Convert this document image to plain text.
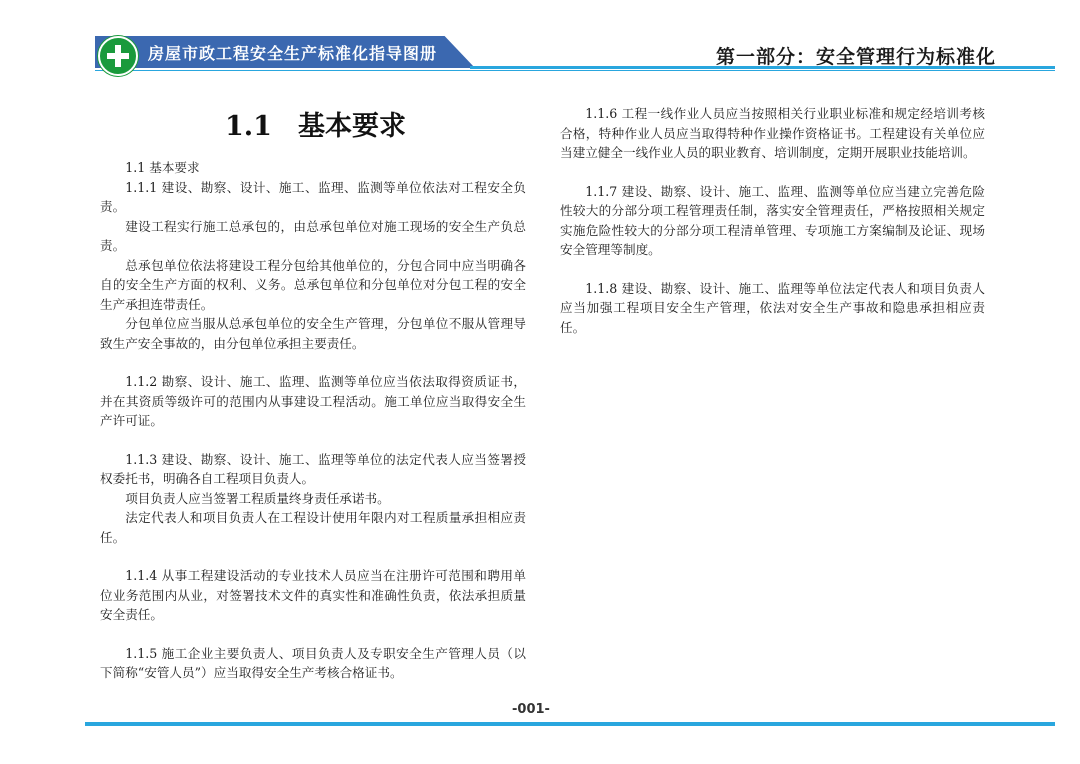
房屋市政工程安全生产标准化指导图册	第一部分：安全管理行为标准化
1.1 基本要求

1.1 基本要求

1.1.1 建设、勘察、设计、施工、监理、监测等单位依法对工程安全负责。

建设工程实行施工总承包的，由总承包单位对施工现场的安全生产负总责。

总承包单位依法将建设工程分包给其他单位的，分包合同中应当明确各自的安全生产方面的权利、义务。总承包单位和分包单位对分包工程的安全生产承担连带责任。

分包单位应当服从总承包单位的安全生产管理，分包单位不服从管理导致生产安全事故的，由分包单位承担主要责任。

1.1.2 勘察、设计、施工、监理、监测等单位应当依法取得资质证书，并在其资质等级许可的范围内从事建设工程活动。施工单位应当取得安全生产许可证。

1.1.3 建设、勘察、设计、施工、监理等单位的法定代表人应当签署授权委托书，明确各自工程项目负责人。

项目负责人应当签署工程质量终身责任承诺书。

法定代表人和项目负责人在工程设计使用年限内对工程质量承担相应责任。

1.1.4 从事工程建设活动的专业技术人员应当在注册许可范围和聘用单位业务范围内从业，对签署技术文件的真实性和准确性负责，依法承担质量安全责任。

1.1.5 施工企业主要负责人、项目负责人及专职安全生产管理人员（以下简称“安管人员”）应当取得安全生产考核合格证书。

1.1.6 工程一线作业人员应当按照相关行业职业标准和规定经培训考核合格，特种作业人员应当取得特种作业操作资格证书。工程建设有关单位应当建立健全一线作业人员的职业教育、培训制度，定期开展职业技能培训。

1.1.7 建设、勘察、设计、施工、监理、监测等单位应当建立完善危险性较大的分部分项工程管理责任制，落实安全管理责任，严格按照相关规定实施危险性较大的分部分项工程清单管理、专项施工方案编制及论证、现场安全管理等制度。

1.1.8 建设、勘察、设计、施工、监理等单位法定代表人和项目负责人应当加强工程项目安全生产管理，依法对安全生产事故和隐患承担相应责任。

-001-
